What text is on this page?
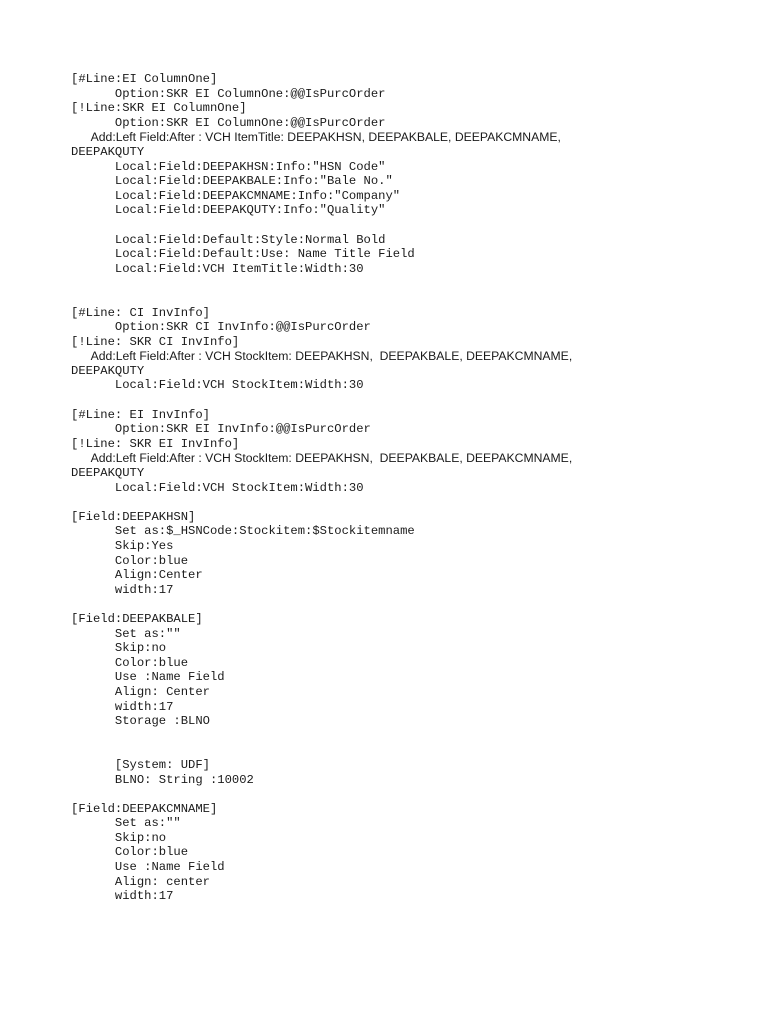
[#Line:EI ColumnOne]
Option:SKR EI ColumnOne:@@IsPurcOrder
[!Line:SKR EI ColumnOne]
Option:SKR EI ColumnOne:@@IsPurcOrder
Add:Left Field:After : VCH ItemTitle: DEEPAKHSN, DEEPAKBALE, DEEPAKCMNAME,
DEEPAKQUTY
Local:Field:DEEPAKHSN:Info:"HSN Code"
Local:Field:DEEPAKBALE:Info:"Bale No."
Local:Field:DEEPAKCMNAME:Info:"Company"
Local:Field:DEEPAKQUTY:Info:"Quality"
Local:Field:Default:Style:Normal Bold
Local:Field:Default:Use: Name Title Field
Local:Field:VCH ItemTitle:Width:30
[#Line: CI InvInfo]
Option:SKR CI InvInfo:@@IsPurcOrder
[!Line: SKR CI InvInfo]
Add:Left Field:After : VCH StockItem: DEEPAKHSN,  DEEPAKBALE, DEEPAKCMNAME,
DEEPAKQUTY
Local:Field:VCH StockItem:Width:30
[#Line: EI InvInfo]
Option:SKR EI InvInfo:@@IsPurcOrder
[!Line: SKR EI InvInfo]
Add:Left Field:After : VCH StockItem: DEEPAKHSN,  DEEPAKBALE, DEEPAKCMNAME,
DEEPAKQUTY
Local:Field:VCH StockItem:Width:30
[Field:DEEPAKHSN]
Set as:$_HSNCode:Stockitem:$Stockitemname
Skip:Yes
Color:blue
Align:Center
width:17
[Field:DEEPAKBALE]
Set as:""
Skip:no
Color:blue
Use :Name Field
Align: Center
width:17
Storage :BLNO
[System: UDF]
BLNO: String :10002
[Field:DEEPAKCMNAME]
Set as:""
Skip:no
Color:blue
Use :Name Field
Align: center
width:17
